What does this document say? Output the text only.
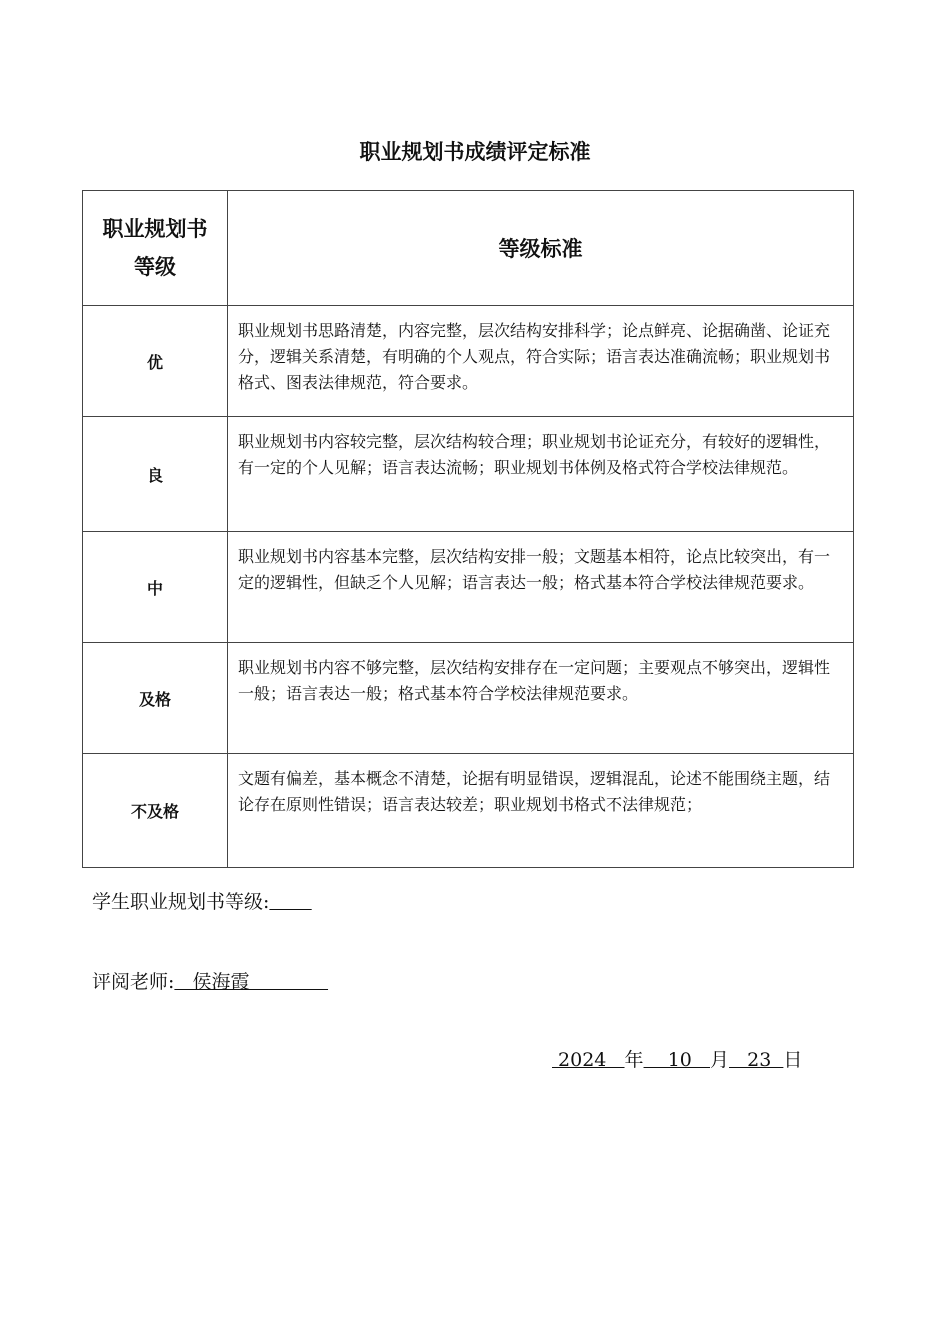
职业规划书成绩评定标准
职业规划书
等级	等级标准
优	职业规划书思路清楚，内容完整，层次结构安排科学；论点鲜亮、论据确凿、论证充分，逻辑关系清楚，有明确的个人观点，符合实际；语言表达准确流畅；职业规划书格式、图表法律规范，符合要求。

良	职业规划书内容较完整，层次结构较合理；职业规划书论证充分，有较好的逻辑性，有一定的个人见解；语言表达流畅；职业规划书体例及格式符合学校法律规范。

中	职业规划书内容基本完整，层次结构安排一般；文题基本相符，论点比较突出，有一定的逻辑性，但缺乏个人见解；语言表达一般；格式基本符合学校法律规范要求。

及格	职业规划书内容不够完整，层次结构安排存在一定问题；主要观点不够突出，逻辑性一般；语言表达一般；格式基本符合学校法律规范要求。

不及格	文题有偏差，基本概念不清楚，论据有明显错误，逻辑混乱，论述不能围绕主题，结论存在原则性错误；语言表达较差；职业规划书格式不法律规范；
学生职业规划书等级:
评阅老师:   侯海霞
2024   年    10   月   23  日
